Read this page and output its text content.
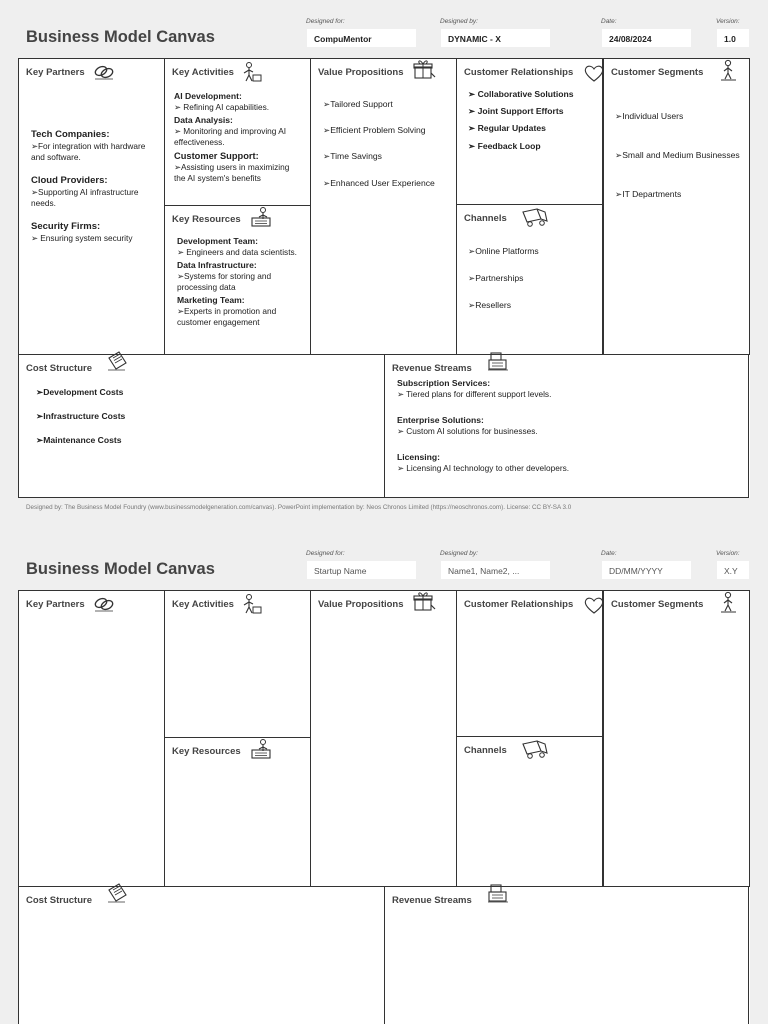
Business Model Canvas
Designed for:
CompuMentor
Designed by:
DYNAMIC - X
Date:
24/08/2024
Version:
1.0
Key Partners
Tech Companies:
➢For integration with hardware and software.
Cloud Providers:
➢Supporting AI infrastructure needs.
Security Firms:
➢ Ensuring system security
Key Activities
AI Development:
➢ Refining AI capabilities.
Data Analysis:
➢ Monitoring and improving AI effectiveness.
Customer Support:
➢Assisting users in maximizing the AI system's benefits
Key Resources
Development Team:
➢ Engineers and data scientists.
Data Infrastructure:
➢Systems for storing and processing data
Marketing Team:
➢Experts in promotion and customer engagement
Value Propositions
➢Tailored Support
➢Efficient Problem Solving
➢Time Savings
➢Enhanced User Experience
Customer Relationships
➢ Collaborative Solutions
➢ Joint Support Efforts
➢ Regular Updates
➢ Feedback Loop
Channels
➢Online Platforms
➢Partnerships
➢Resellers
Customer Segments
➢Individual Users
➢Small and Medium Businesses
➢IT Departments
Cost Structure
➢Development Costs
➢Infrastructure Costs
➢Maintenance Costs
Revenue Streams
Subscription Services:
➢ Tiered plans for different support levels.
Enterprise Solutions:
➢ Custom AI solutions for businesses.
Licensing:
➢ Licensing AI technology to other developers.
Designed by: The Business Model Foundry (www.businessmodelgeneration.com/canvas). PowerPoint implementation by: Neos Chronos Limited (https://neoschronos.com). License: CC BY-SA 3.0
Business Model Canvas
Designed for:
Startup Name
Designed by:
Name1, Name2, ...
Date:
DD/MM/YYYY
Version:
X.Y
Key Partners	Key Activities
Key Resources
Value Propositions	Customer Relationships
Channels
Customer Segments
Cost Structure	Revenue Streams
